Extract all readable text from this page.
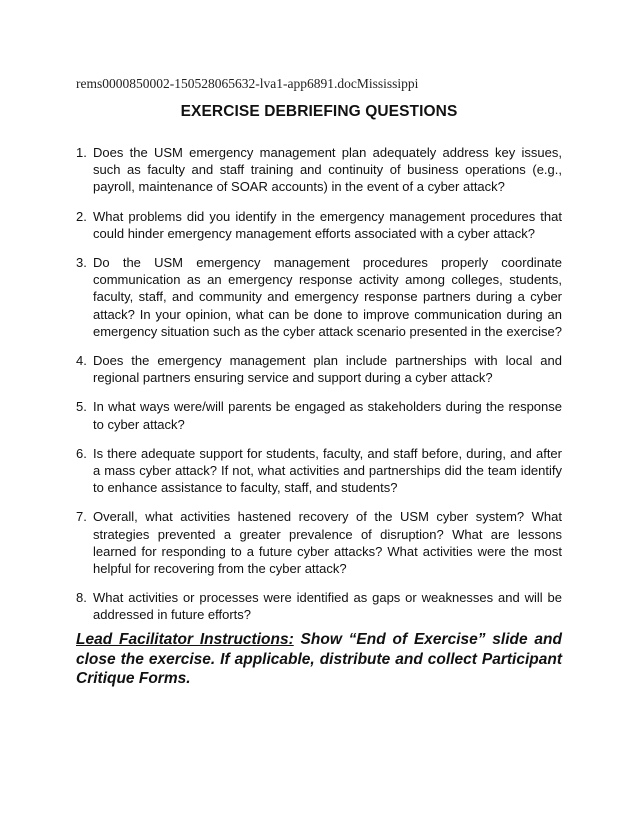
rems0000850002-150528065632-lva1-app6891.docMississippi
EXERCISE DEBRIEFING QUESTIONS
1. Does the USM emergency management plan adequately address key issues, such as faculty and staff training and continuity of business operations (e.g., payroll, maintenance of SOAR accounts) in the event of a cyber attack?
2. What problems did you identify in the emergency management procedures that could hinder emergency management efforts associated with a cyber attack?
3. Do the USM emergency management procedures properly coordinate communication as an emergency response activity among colleges, students, faculty, staff, and community and emergency response partners during a cyber attack? In your opinion, what can be done to improve communication during an emergency situation such as the cyber attack scenario presented in the exercise?
4. Does the emergency management plan include partnerships with local and regional partners ensuring service and support during a cyber attack?
5. In what ways were/will parents be engaged as stakeholders during the response to cyber attack?
6. Is there adequate support for students, faculty, and staff before, during, and after a mass cyber attack? If not, what activities and partnerships did the team identify to enhance assistance to faculty, staff, and students?
7. Overall, what activities hastened recovery of the USM cyber system? What strategies prevented a greater prevalence of disruption? What are lessons learned for responding to a future cyber attacks? What activities were the most helpful for recovering from the cyber attack?
8. What activities or processes were identified as gaps or weaknesses and will be addressed in future efforts?
Lead Facilitator Instructions: Show “End of Exercise” slide and close the exercise. If applicable, distribute and collect Participant Critique Forms.
